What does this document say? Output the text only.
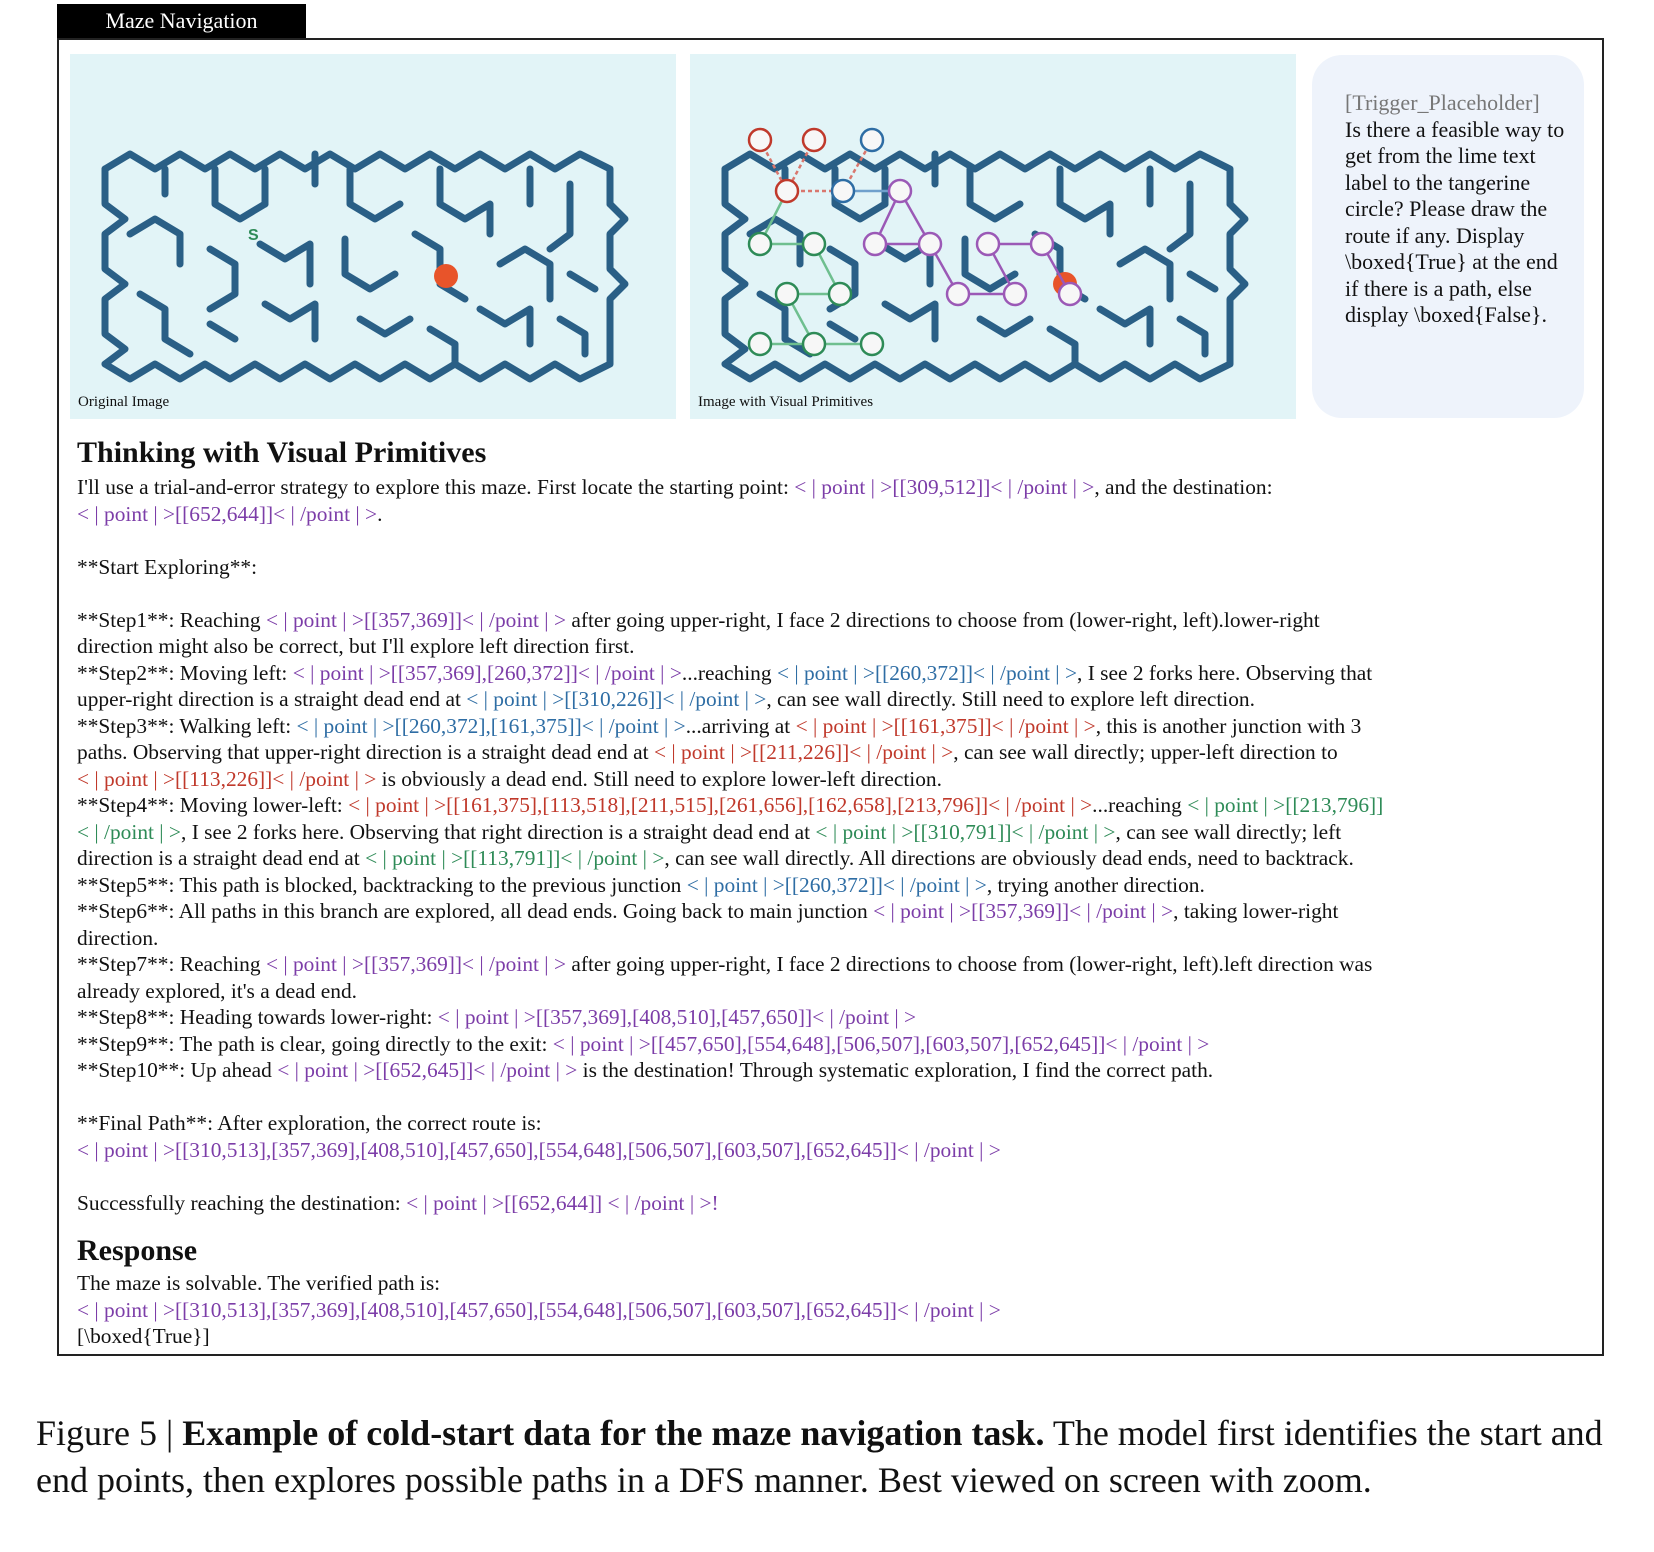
Maze Navigation
S
Original Image	Image with Visual Primitives
[Trigger_Placeholder]
Is there a feasible way to get from the lime text label to the tangerine circle? Please draw the route if any. Display \boxed{True} at the end if there is a path, else display \boxed{False}.
Thinking with Visual Primitives
I'll use a trial-and-error strategy to explore this maze. First locate the starting point: < | point | >[[309,512]]< | /point | >, and the destination:
< | point | >[[652,644]]< | /point | >.
**Start Exploring**:
**Step1**: Reaching < | point | >[[357,369]]< | /point | > after going upper-right, I face 2 directions to choose from (lower-right, left).lower-right
direction might also be correct, but I'll explore left direction first.
**Step2**: Moving left: < | point | >[[357,369],[260,372]]< | /point | >...reaching < | point | >[[260,372]]< | /point | >, I see 2 forks here. Observing that
upper-right direction is a straight dead end at < | point | >[[310,226]]< | /point | >, can see wall directly. Still need to explore left direction.
**Step3**: Walking left: < | point | >[[260,372],[161,375]]< | /point | >...arriving at < | point | >[[161,375]]< | /point | >, this is another junction with 3
paths. Observing that upper-right direction is a straight dead end at < | point | >[[211,226]]< | /point | >, can see wall directly; upper-left direction to
< | point | >[[113,226]]< | /point | > is obviously a dead end. Still need to explore lower-left direction.
**Step4**: Moving lower-left: < | point | >[[161,375],[113,518],[211,515],[261,656],[162,658],[213,796]]< | /point | >...reaching < | point | >[[213,796]]
< | /point | >, I see 2 forks here. Observing that right direction is a straight dead end at < | point | >[[310,791]]< | /point | >, can see wall directly; left
direction is a straight dead end at < | point | >[[113,791]]< | /point | >, can see wall directly. All directions are obviously dead ends, need to backtrack.
**Step5**: This path is blocked, backtracking to the previous junction < | point | >[[260,372]]< | /point | >, trying another direction.
**Step6**: All paths in this branch are explored, all dead ends. Going back to main junction < | point | >[[357,369]]< | /point | >, taking lower-right
direction.
**Step7**: Reaching < | point | >[[357,369]]< | /point | > after going upper-right, I face 2 directions to choose from (lower-right, left).left direction was
already explored, it's a dead end.
**Step8**: Heading towards lower-right: < | point | >[[357,369],[408,510],[457,650]]< | /point | >
**Step9**: The path is clear, going directly to the exit: < | point | >[[457,650],[554,648],[506,507],[603,507],[652,645]]< | /point | >
**Step10**: Up ahead < | point | >[[652,645]]< | /point | > is the destination! Through systematic exploration, I find the correct path.
**Final Path**: After exploration, the correct route is:
< | point | >[[310,513],[357,369],[408,510],[457,650],[554,648],[506,507],[603,507],[652,645]]< | /point | >
Successfully reaching the destination: < | point | >[[652,644]] < | /point | >!
Response
The maze is solvable. The verified path is:
< | point | >[[310,513],[357,369],[408,510],[457,650],[554,648],[506,507],[603,507],[652,645]]< | /point | >
[\boxed{True}]
Figure 5 | Example of cold-start data for the maze navigation task. The model first identifies the start and end points, then explores possible paths in a DFS manner. Best viewed on screen with zoom.
